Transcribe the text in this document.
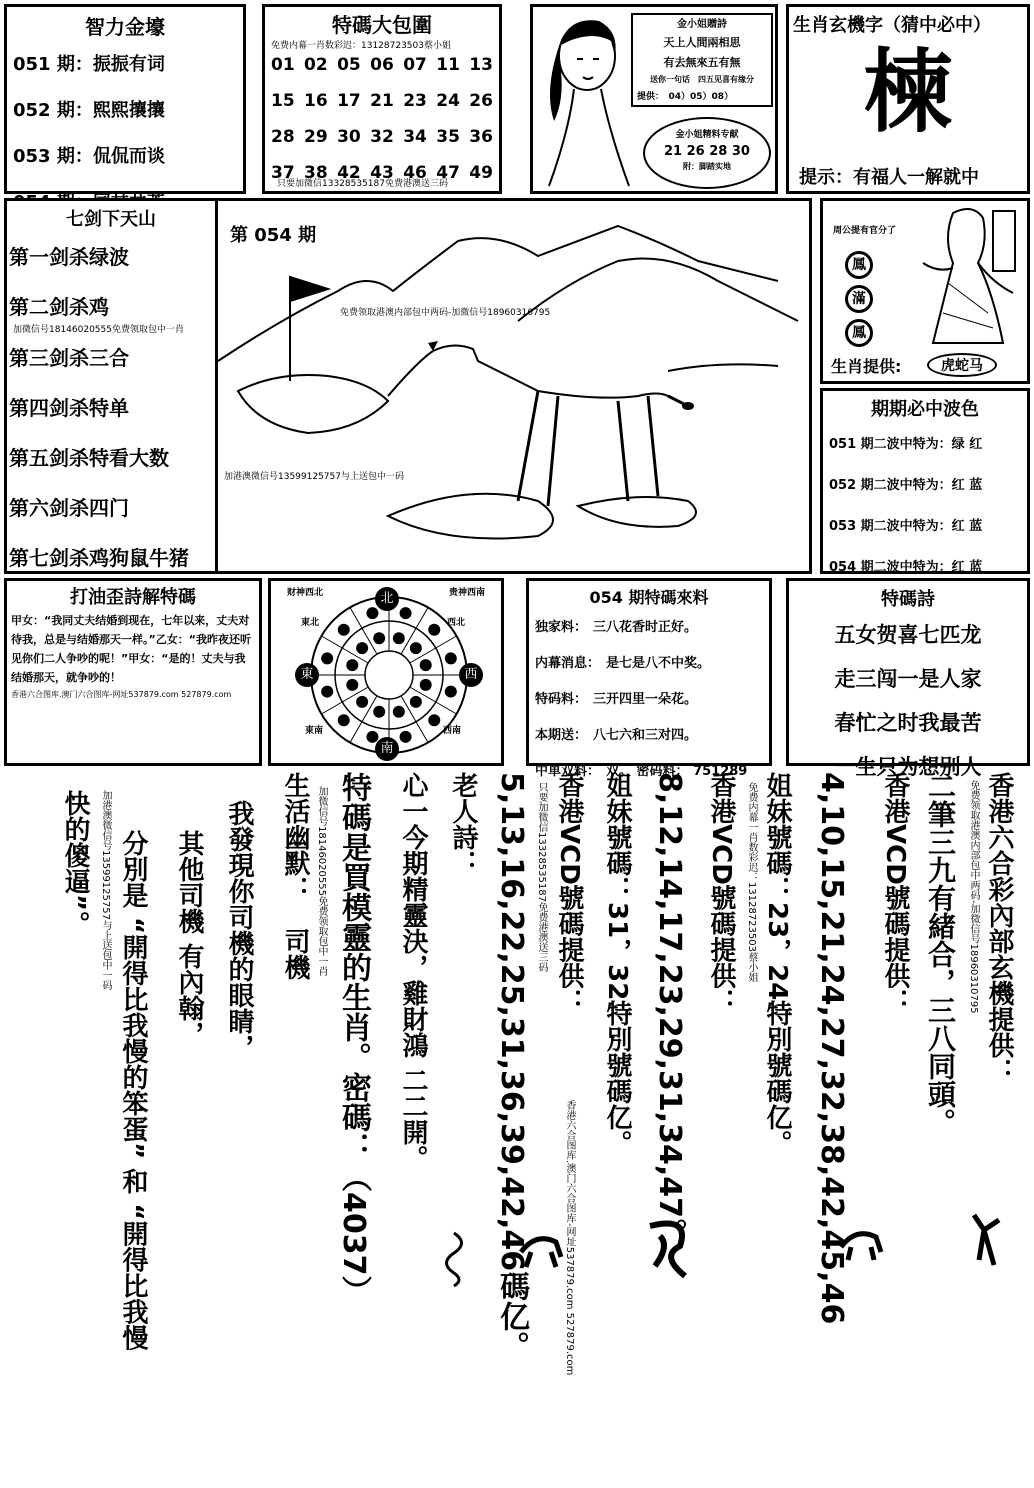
智力金壕
051 期：振振有词
052 期：熙熙攘攘
053 期：侃侃而谈
特碼大包圍
免费内幕一肖数彩迟：13128723503蔡小姐
01 02 05 06 07 11 13
15 16 17 21 23 24 26
28 29 30 32 34 35 36
37 38 42 43 46 47 49
只要加微信13328535187免费港澳送三码
金小姐贈詩
天上人間兩相思
有去無來五有無
送你一句话　四五见喜有缘分
提供：　04）05）08）
金小姐精料专献
21 26 28 30
附：脚踏实地
生肖玄機字（猜中必中）
楝
提示：有福人一解就中
七剑下天山
第一剑杀绿波
第二剑杀鸡
加微信号18146020555免费领取包中一肖
第三剑杀三合
第四剑杀特单
第五剑杀特看大数
第六剑杀四门
第七剑杀鸡狗鼠牛猪
第 054 期
免费领取港澳内部包中两码-加微信号18960310795
加港澳微信号13599125757与上送包中一码
周公提有官分了
鳳
滿
鳳
生肖提供:	虎蛇马
期期必中波色
051 期二波中特为：绿 红
052 期二波中特为：红 蓝
053 期二波中特为：红 蓝
054 期二波中特为：红 蓝
打油歪詩解特碼
甲女：“我同丈夫结婚到现在，七年以来，丈夫对待我，总是与结婚那天一样。”乙女：“我昨夜还听见你们二人争吵的呢！”甲女：“是的！丈夫与我结婚那天，就争吵的！
香港六合图库.澳门六合图库-网址537879.com 527879.com
财神西北	贵神西南
北
南
東	西
東北	西北
東南	西南
054 期特碼來料
独家料： 三八花香时正好。
内幕消息： 是七是八不中奖。
特码料： 三开四里一朵花。
本期送： 八七六和三对四。
中单双料： 双。 密码料： 751289
特碼詩
五女贺喜七匹龙
走三闯一是人家
春忙之时我最苦
一生只为想别人
香港六合彩內部玄機提供：
免费领取港澳内部包中两码-加微信号18960310795
二筆三九有緒合，三八同頭。
香港VCD號碼提供：
4,10,15,21,24,27,32,38,42,45,46
姐妹號碼：23，24特別號碼亿。
免费内幕一肖数彩迟：13128723503蔡小姐
香港VCD號碼提供：
8,12,14,17,23,29,31,34,47。
姐妹號碼：31，32特別號碼亿。
香港六合图库.澳门六合图库-网址537879.com 527879.com
香港VCD號碼提供：
只要加微信13328535187免费港澳送三码
5,13,16,22,25,31,36,39,42,46碼亿。
老人詩：
心一今期精靈決，雞財鴻 二二開。
特碼是買模靈的生肖。密碼：（4037）
加微信号18146020555免费领取包中一肖
生活幽默：　司機
我發現你司機的眼睛，
其他司機 有內翰，
分別是 “開得比我慢的笨蛋” 和 “開得比我慢
加港澳微信号13599125757与上送包中一码
快的傻逼”。
